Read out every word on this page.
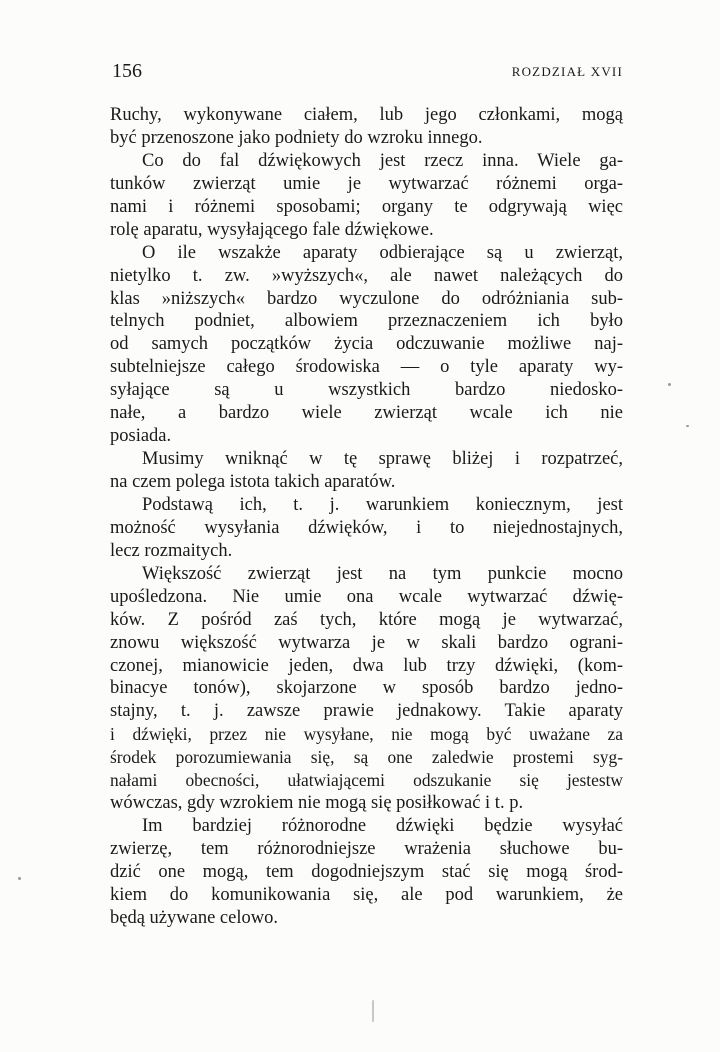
156	ROZDZIAŁ XVII
Ruchy, wykonywane ciałem, lub jego członkami, mogą
być przenoszone jako podniety do wzroku innego.
Co do fal dźwiękowych jest rzecz inna. Wiele ga-
tunków zwierząt umie je wytwarzać różnemi orga-
nami i różnemi sposobami; organy te odgrywają więc
rolę aparatu, wysyłającego fale dźwiękowe.
O ile wszakże aparaty odbierające są u zwierząt,
nietylko t. zw. »wyższych«, ale nawet należących do
klas »niższych« bardzo wyczulone do odróżniania sub-
telnych podniet, albowiem przeznaczeniem ich było
od samych początków życia odczuwanie możliwe naj-
subtelniejsze całego środowiska — o tyle aparaty wy-
syłające są u wszystkich bardzo niedosko-
nałe, a bardzo wiele zwierząt wcale ich nie
posiada.
Musimy wniknąć w tę sprawę bliżej i rozpatrzeć,
na czem polega istota takich aparatów.
Podstawą ich, t. j. warunkiem koniecznym, jest
możność wysyłania dźwięków, i to niejednostajnych,
lecz rozmaitych.
Większość zwierząt jest na tym punkcie mocno
upośledzona. Nie umie ona wcale wytwarzać dźwię-
ków. Z pośród zaś tych, które mogą je wytwarzać,
znowu większość wytwarza je w skali bardzo ograni-
czonej, mianowicie jeden, dwa lub trzy dźwięki, (kom-
binacye tonów), skojarzone w sposób bardzo jedno-
stajny, t. j. zawsze prawie jednakowy. Takie aparaty
i dźwięki, przez nie wysyłane, nie mogą być uważane za
środek porozumiewania się, są one zaledwie prostemi syg-
nałami obecności, ułatwiającemi odszukanie się jestestw
wówczas, gdy wzrokiem nie mogą się posiłkować i t. p.
Im bardziej różnorodne dźwięki będzie wysyłać
zwierzę, tem różnorodniejsze wrażenia słuchowe bu-
dzić one mogą, tem dogodniejszym stać się mogą środ-
kiem do komunikowania się, ale pod warunkiem, że
będą używane celowo.
